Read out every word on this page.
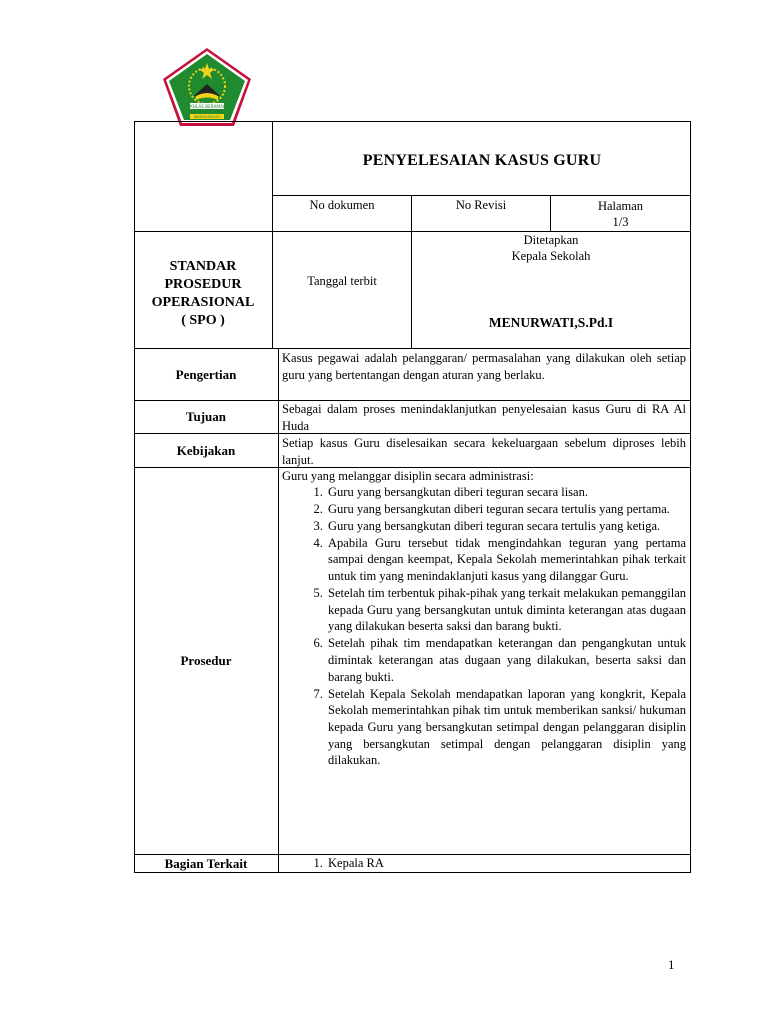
IKHLAS BERAMAL
WASIDUMILYO
PENYELESAIAN KASUS GURU
No dokumen	No Revisi	Halaman
1/3
STANDAR
PROSEDUR
OPERASIONAL
( SPO )
Tanggal terbit
Ditetapkan
Kepala Sekolah
MENURWATI,S.Pd.I
Pengertian
Kasus pegawai adalah pelanggaran/ permasalahan yang dilakukan oleh setiap guru yang bertentangan dengan aturan yang berlaku.
Tujuan	Sebagai dalam proses menindaklanjutkan penyelesaian kasus Guru di RA Al Huda
Kebijakan	Setiap kasus Guru diselesaikan secara kekeluargaan sebelum diproses lebih lanjut.
Prosedur
Guru yang melanggar disiplin secara administrasi:
1. Guru yang bersangkutan diberi teguran secara lisan.
2. Guru yang bersangkutan diberi teguran secara tertulis yang pertama.
3. Guru yang bersangkutan diberi teguran secara tertulis yang ketiga.
4. Apabila Guru tersebut tidak mengindahkan teguran yang pertama sampai dengan keempat, Kepala Sekolah memerintahkan pihak terkait untuk tim yang menindaklanjuti kasus yang dilanggar Guru.
5. Setelah tim terbentuk pihak-pihak yang terkait melakukan pemanggilan kepada Guru yang bersangkutan untuk diminta keterangan atas dugaan yang dilakukan beserta saksi dan barang bukti.
6. Setelah pihak tim mendapatkan keterangan dan pengangkutan untuk dimintak keterangan atas dugaan yang dilakukan, beserta saksi dan barang bukti.
7. Setelah Kepala Sekolah mendapatkan laporan yang kongkrit, Kepala Sekolah memerintahkan pihak tim untuk memberikan sanksi/ hukuman kepada Guru yang bersangkutan setimpal dengan pelanggaran disiplin yang bersangkutan setimpal dengan pelanggaran disiplin yang dilakukan.
Bagian Terkait
1.	Kepala RA
1
